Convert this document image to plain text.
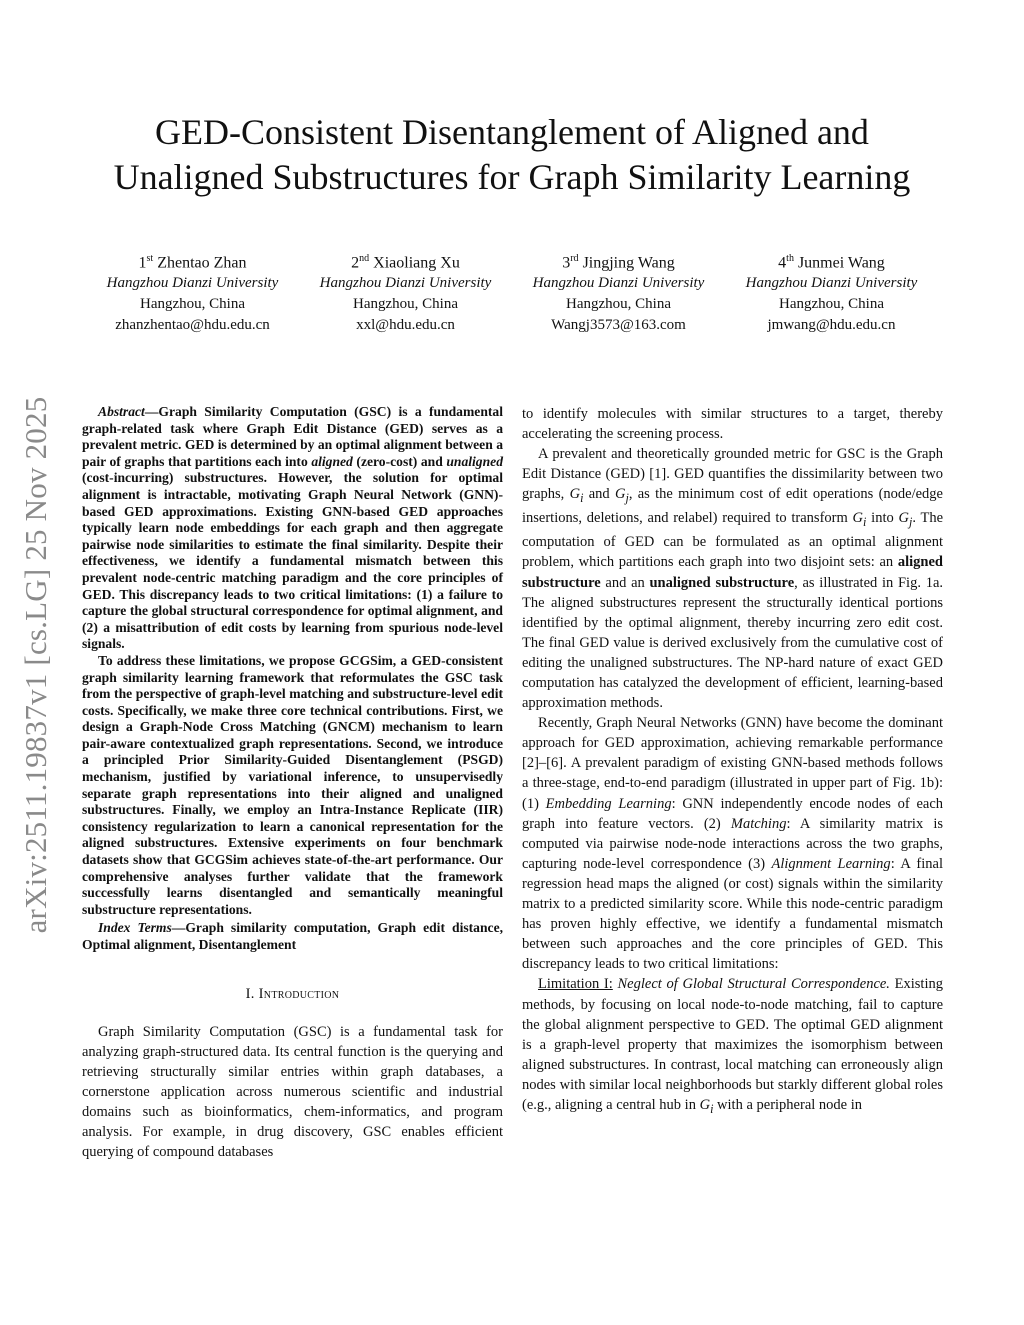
arXiv:2511.19837v1 [cs.LG] 25 Nov 2025
GED-Consistent Disentanglement of Aligned and Unaligned Substructures for Graph Similarity Learning
1st Zhentao Zhan
Hangzhou Dianzi University
Hangzhou, China
zhanzhentao@hdu.edu.cn
2nd Xiaoliang Xu
Hangzhou Dianzi University
Hangzhou, China
xxl@hdu.edu.cn
3rd Jingjing Wang
Hangzhou Dianzi University
Hangzhou, China
Wangj3573@163.com
4th Junmei Wang
Hangzhou Dianzi University
Hangzhou, China
jmwang@hdu.edu.cn

Abstract—Graph Similarity Computation (GSC) is a fundamental graph-related task where Graph Edit Distance (GED) serves as a prevalent metric. GED is determined by an optimal alignment between a pair of graphs that partitions each into aligned (zero-cost) and unaligned (cost-incurring) substructures. However, the solution for optimal alignment is intractable, motivating Graph Neural Network (GNN)-based GED approximations. Existing GNN-based GED approaches typically learn node embeddings for each graph and then aggregate pairwise node similarities to estimate the final similarity. Despite their effectiveness, we identify a fundamental mismatch between this prevalent node-centric matching paradigm and the core principles of GED. This discrepancy leads to two critical limitations: (1) a failure to capture the global structural correspondence for optimal alignment, and (2) a misattribution of edit costs by learning from spurious node-level signals.

To address these limitations, we propose GCGSim, a GED-consistent graph similarity learning framework that reformulates the GSC task from the perspective of graph-level matching and substructure-level edit costs. Specifically, we make three core technical contributions. First, we design a Graph-Node Cross Matching (GNCM) mechanism to learn pair-aware contextualized graph representations. Second, we introduce a principled Prior Similarity-Guided Disentanglement (PSGD) mechanism, justified by variational inference, to unsupervisedly separate graph representations into their aligned and unaligned substructures. Finally, we employ an Intra-Instance Replicate (IIR) consistency regularization to learn a canonical representation for the aligned substructures. Extensive experiments on four benchmark datasets show that GCGSim achieves state-of-the-art performance. Our comprehensive analyses further validate that the framework successfully learns disentangled and semantically meaningful substructure representations.

Index Terms—Graph similarity computation, Graph edit distance, Optimal alignment, Disentanglement

I. Introduction

Graph Similarity Computation (GSC) is a fundamental task for analyzing graph-structured data. Its central function is the querying and retrieving structurally similar entries within graph databases, a cornerstone application across numerous scientific and industrial domains such as bioinformatics, chem-informatics, and program analysis. For example, in drug discovery, GSC enables efficient querying of compound databases

to identify molecules with similar structures to a target, thereby accelerating the screening process.

A prevalent and theoretically grounded metric for GSC is the Graph Edit Distance (GED) [1]. GED quantifies the dissimilarity between two graphs, $G_i$ and $G_j$, as the minimum cost of edit operations (node/edge insertions, deletions, and relabel) required to transform $G_i$ into $G_j$. The computation of GED can be formulated as an optimal alignment problem, which partitions each graph into two disjoint sets: an aligned substructure and an unaligned substructure, as illustrated in Fig. 1a. The aligned substructures represent the structurally identical portions identified by the optimal alignment, thereby incurring zero edit cost. The final GED value is derived exclusively from the cumulative cost of editing the unaligned substructures. The NP-hard nature of exact GED computation has catalyzed the development of efficient, learning-based approximation methods.

Recently, Graph Neural Networks (GNN) have become the dominant approach for GED approximation, achieving remarkable performance [2]–[6]. A prevalent paradigm of existing GNN-based methods follows a three-stage, end-to-end paradigm (illustrated in upper part of Fig. 1b): (1) Embedding Learning: GNN independently encode nodes of each graph into feature vectors. (2) Matching: A similarity matrix is computed via pairwise node-node interactions across the two graphs, capturing node-level correspondence (3) Alignment Learning: A final regression head maps the aligned (or cost) signals within the similarity matrix to a predicted similarity score. While this node-centric paradigm has proven highly effective, we identify a fundamental mismatch between such approaches and the core principles of GED. This discrepancy leads to two critical limitations:

Limitation I: Neglect of Global Structural Correspondence. Existing methods, by focusing on local node-to-node matching, fail to capture the global alignment perspective to GED. The optimal GED alignment is a graph-level property that maximizes the isomorphism between aligned substructures. In contrast, local matching can erroneously align nodes with similar local neighborhoods but starkly different global roles (e.g., aligning a central hub in $G_i$ with a peripheral node in
